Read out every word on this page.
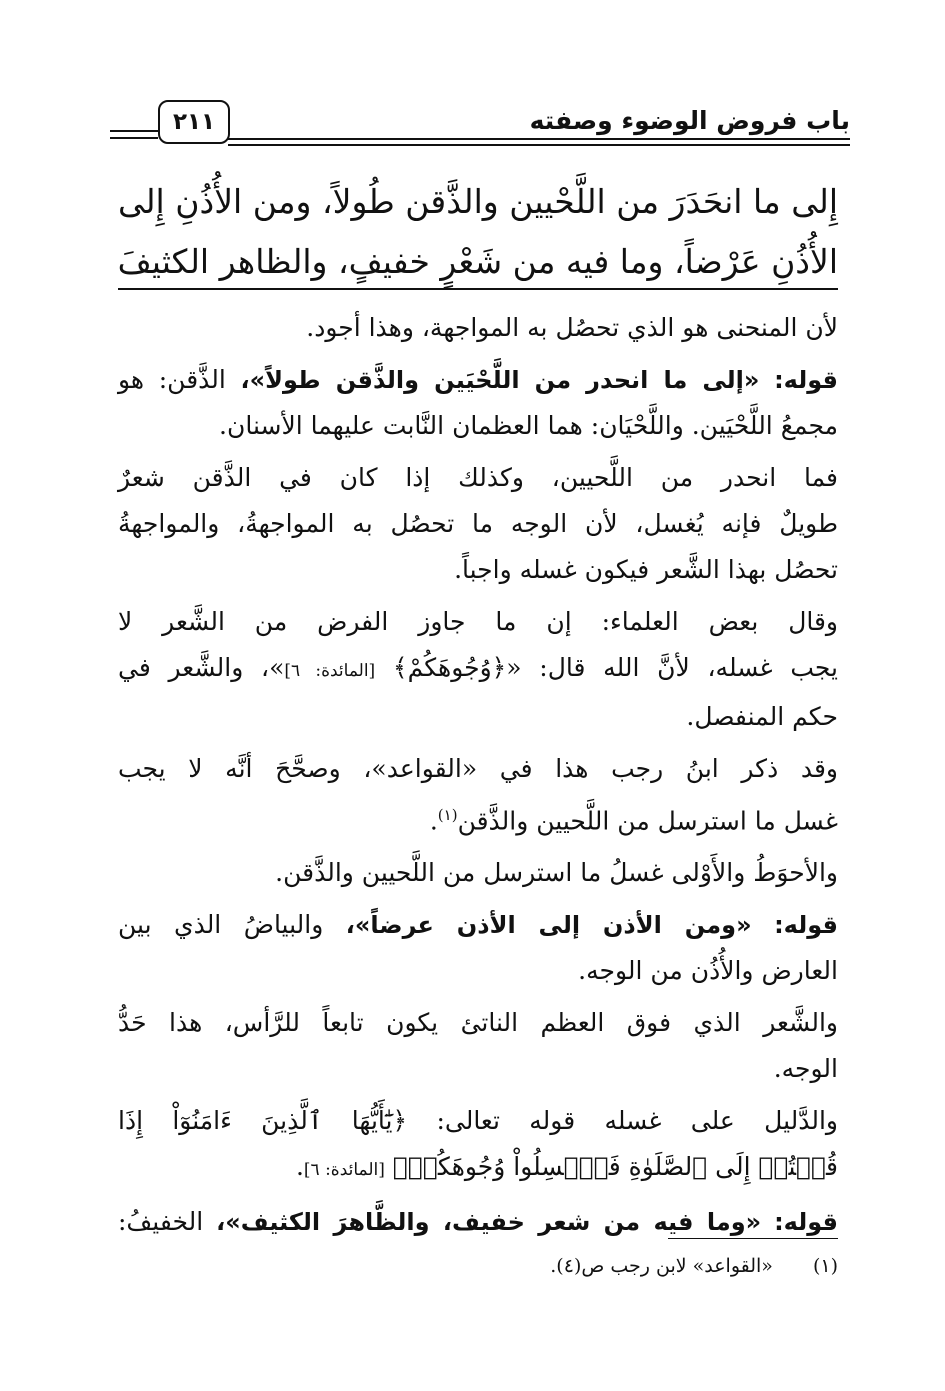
باب فروض الوضوء وصفته
٢١١
إِلى ما انحَدَرَ من اللَّحْيين والذَّقن طُولاً، ومن الأُذُنِ إِلى
الأُذُنِ عَرْضاً، وما فيه من شَعْرٍ خفيفٍ، والظاهر الكثيفَ

لأن المنحنى هو الذي تحصُل به المواجهة، وهذا أجود.

قوله: «إلى ما انحدر من اللَّحْيَين والذَّقن طولاً»، الذَّقن: هو
مجمعُ اللَّحْيَين. واللَّحْيَان: هما العظمان النَّابت عليهما الأسنان.

فما انحدر من اللَّحيين، وكذلك إذا كان في الذَّقن شعرٌ
طويلٌ فإنه يُغسل، لأن الوجه ما تحصُل به المواجهةُ، والمواجهةُ
تحصُل بهذا الشَّعر فيكون غسله واجباً.

وقال بعض العلماء: إن ما جاوز الفرض من الشَّعر لا
يجب غسله، لأنَّ الله قال: «﴿وُجُوهَكُمْ﴾ [المائدة: ٦]»، والشَّعر في
حكم المنفصل.

وقد ذكر ابنُ رجب هذا في «القواعد»، وصحَّحَ أنَّه لا يجب
غسل ما استرسل من اللَّحيين والذَّقن$^{(١)}$.

والأحوَطُ والأَوْلى غسلُ ما استرسل من اللَّحيين والذَّقن.

قوله: «ومن الأذن إلى الأذن عرضاً»، والبياضُ الذي بين
العارض والأُذُن من الوجه.

والشَّعر الذي فوق العظم الناتئ يكون تابعاً للرَّأس، هذا حَدُّ
الوجه.

والدَّليل على غسله قوله تعالى: ﴿يَٰٓأَيُّهَا ٱلَّذِينَ ءَامَنُوٓاْ إِذَا
قُمۡتُمۡ إِلَى ٱلصَّلَوٰةِ فَٱغۡسِلُواْ وُجُوهَكُمۡ﴾ [المائدة: ٦].

قوله: «وما فيه من شعر خفيف، والظَّاهرَ الكثيف»، الخفيفُ:

(١)«القواعد» لابن رجب ص(٤).
